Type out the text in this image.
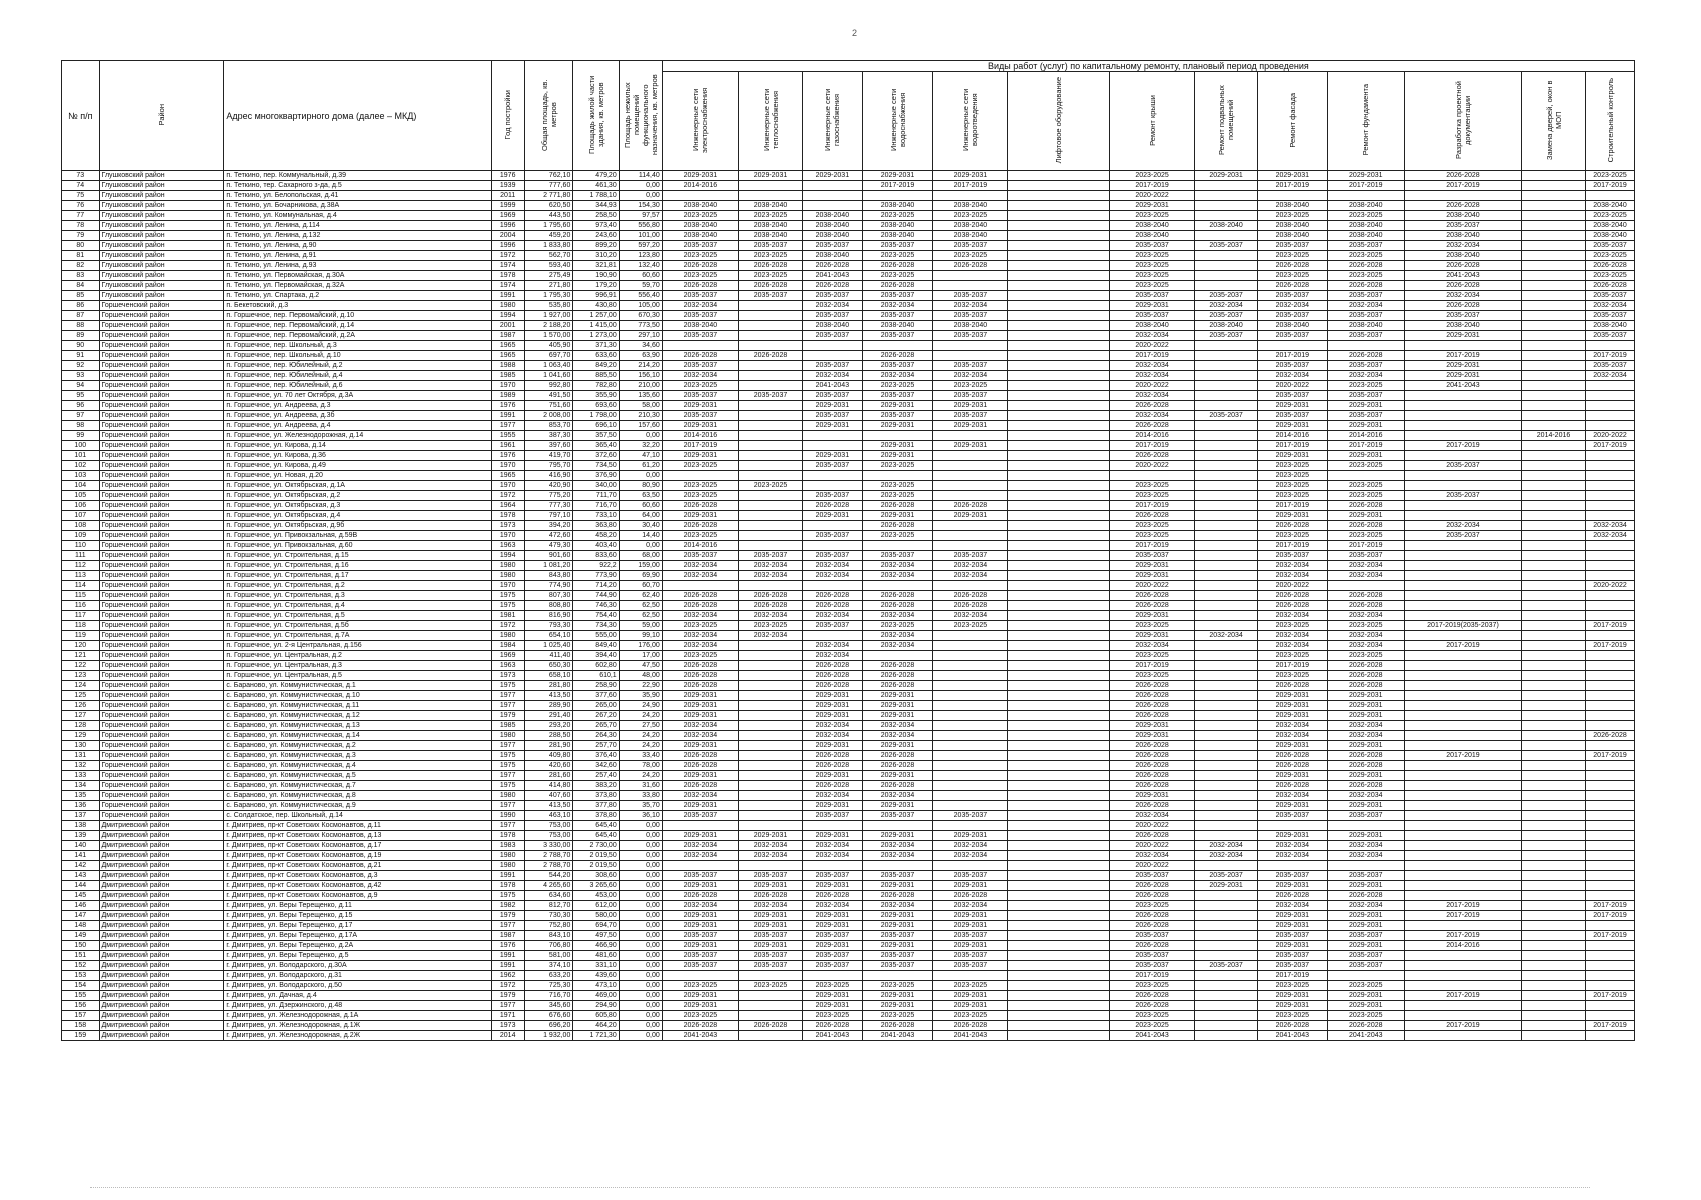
2
№ п/п	Район	Адрес многоквартирного дома (далее – МКД)	Год постройки	Общая площадь, кв. метров	Площадь жилой части здания, кв. метров	Площадь нежилых помещений функционального назначения, кв. метров	Виды работ (услуг) по капитальному ремонту, плановый период проведения												
							Инженерные сети электроснабжения	Инженерные сети теплоснабжения	Инженерные сети газоснабжения	Инженерные сети водоснабжения	Инженерные сети водоотведения	Лифтовое оборудование	Ремонт крыши	Ремонт подвальных помещений	Ремонт фасада	Ремонт фундамента	Разработка проектной документации	Замена дверей, окон в МОП	Строительный контроль
73	Глушковский район	п. Теткино, пер. Коммунальный, д.39	1976	762,10	479,20	114,40	2029-2031	2029-2031	2029-2031	2029-2031	2029-2031		2023-2025	2029-2031	2029-2031	2029-2031	2026-2028		2023-2025
74	Глушковский район	п. Теткино, тер. Сахарного з-да, д.5	1939	777,60	461,30	0,00	2014-2016			2017-2019	2017-2019		2017-2019		2017-2019	2017-2019	2017-2019		2017-2019
75	Глушковский район	п. Теткино, ул. Белопольская, д.41	2011	2 771,80	1 788,10	0,00							2020-2022						
76	Глушковский район	п. Теткино, ул. Бочарникова, д.38А	1999	620,50	344,93	154,30	2038-2040	2038-2040		2038-2040	2038-2040		2029-2031		2038-2040	2038-2040	2026-2028		2038-2040
77	Глушковский район	п. Теткино, ул. Коммунальная, д.4	1969	443,50	258,50	97,57	2023-2025	2023-2025	2038-2040	2023-2025	2023-2025		2023-2025		2023-2025	2023-2025	2038-2040		2023-2025
78	Глушковский район	п. Теткино, ул. Ленина, д.114	1996	1 795,60	973,40	556,80	2038-2040	2038-2040	2038-2040	2038-2040	2038-2040		2038-2040	2038-2040	2038-2040	2038-2040	2035-2037		2038-2040
79	Глушковский район	п. Теткино, ул. Ленина, д.132	2004	459,20	243,60	101,00	2038-2040	2038-2040	2038-2040	2038-2040	2038-2040		2038-2040		2038-2040	2038-2040	2038-2040		2038-2040
80	Глушковский район	п. Теткино, ул. Ленина, д.90	1996	1 833,80	899,20	597,20	2035-2037	2035-2037	2035-2037	2035-2037	2035-2037		2035-2037	2035-2037	2035-2037	2035-2037	2032-2034		2035-2037
81	Глушковский район	п. Теткино, ул. Ленина, д.91	1972	562,70	310,20	123,80	2023-2025	2023-2025	2038-2040	2023-2025	2023-2025		2023-2025		2023-2025	2023-2025	2038-2040		2023-2025
82	Глушковский район	п. Теткино, ул. Ленина, д.93	1974	593,40	321,81	132,40	2026-2028	2026-2028	2026-2028	2026-2028	2026-2028		2023-2025		2026-2028	2026-2028	2026-2028		2026-2028
83	Глушковский район	п. Теткино, ул. Первомайская, д.30А	1978	275,49	190,90	60,60	2023-2025	2023-2025	2041-2043	2023-2025			2023-2025		2023-2025	2023-2025	2041-2043		2023-2025
84	Глушковский район	п. Теткино, ул. Первомайская, д.32А	1974	271,80	179,20	59,70	2026-2028	2026-2028	2026-2028	2026-2028			2023-2025		2026-2028	2026-2028	2026-2028		2026-2028
85	Глушковский район	п. Теткино, ул. Спартака, д.2	1991	1 795,30	996,91	556,40	2035-2037	2035-2037	2035-2037	2035-2037	2035-2037		2035-2037	2035-2037	2035-2037	2035-2037	2032-2034		2035-2037
86	Горшеченский район	п. Бекетовский, д.3	1980	535,80	430,80	105,00	2032-2034		2032-2034	2032-2034	2032-2034		2029-2031	2032-2034	2032-2034	2032-2034	2026-2028		2032-2034
87	Горшеченский район	п. Горшечное, пер. Первомайский, д.10	1994	1 927,00	1 257,00	670,30	2035-2037		2035-2037	2035-2037	2035-2037		2035-2037	2035-2037	2035-2037	2035-2037	2035-2037		2035-2037
88	Горшеченский район	п. Горшечное, пер. Первомайский, д.14	2001	2 188,20	1 415,00	773,50	2038-2040		2038-2040	2038-2040	2038-2040		2038-2040	2038-2040	2038-2040	2038-2040	2038-2040		2038-2040
89	Горшеченский район	п. Горшечное, пер. Первомайский, д.2А	1987	1 570,00	1 273,00	297,10	2035-2037		2035-2037	2035-2037	2035-2037		2032-2034	2035-2037	2035-2037	2035-2037	2029-2031		2035-2037
90	Горшеченский район	п. Горшечное, пер. Школьный, д.3	1965	405,90	371,30	34,60							2020-2022						
91	Горшеченский район	п. Горшечное, пер. Школьный, д.10	1965	697,70	633,60	63,90	2026-2028	2026-2028		2026-2028			2017-2019		2017-2019	2026-2028	2017-2019		2017-2019
92	Горшеченский район	п. Горшечное, пер. Юбилейный, д.2	1988	1 063,40	849,20	214,20	2035-2037		2035-2037	2035-2037	2035-2037		2032-2034		2035-2037	2035-2037	2029-2031		2035-2037
93	Горшеченский район	п. Горшечное, пер. Юбилейный, д.4	1985	1 041,60	885,50	156,10	2032-2034		2032-2034	2032-2034	2032-2034		2032-2034		2032-2034	2032-2034	2029-2031		2032-2034
94	Горшеченский район	п. Горшечное, пер. Юбилейный, д.6	1970	992,80	782,80	210,00	2023-2025		2041-2043	2023-2025	2023-2025		2020-2022		2020-2022	2023-2025	2041-2043		
95	Горшеченский район	п. Горшечное, ул. 70 лет Октября, д.3А	1989	491,50	355,90	135,60	2035-2037	2035-2037	2035-2037	2035-2037	2035-2037		2032-2034		2035-2037	2035-2037			
96	Горшеченский район	п. Горшечное, ул. Андреева, д.3	1976	751,60	693,60	58,00	2029-2031		2029-2031	2029-2031	2029-2031		2026-2028		2029-2031	2029-2031			
97	Горшеченский район	п. Горшечное, ул. Андреева, д.3б	1991	2 008,00	1 798,00	210,30	2035-2037		2035-2037	2035-2037	2035-2037		2032-2034	2035-2037	2035-2037	2035-2037			
98	Горшеченский район	п. Горшечное, ул. Андреева, д.4	1977	853,70	696,10	157,60	2029-2031		2029-2031	2029-2031	2029-2031		2026-2028		2029-2031	2029-2031			
99	Горшеченский район	п. Горшечное, ул. Железнодорожная, д.14	1955	387,30	357,50	0,00	2014-2016						2014-2016		2014-2016	2014-2016		2014-2016	2020-2022
100	Горшеченский район	п. Горшечное, ул. Кирова, д.14	1961	397,60	365,40	32,20	2017-2019			2029-2031	2029-2031		2017-2019		2017-2019	2017-2019	2017-2019		2017-2019
101	Горшеченский район	п. Горшечное, ул. Кирова, д.36	1976	419,70	372,60	47,10	2029-2031		2029-2031	2029-2031			2026-2028		2029-2031	2029-2031			
102	Горшеченский район	п. Горшечное, ул. Кирова, д.49	1970	795,70	734,50	61,20	2023-2025		2035-2037	2023-2025			2020-2022		2023-2025	2023-2025	2035-2037		
103	Горшеченский район	п. Горшечное, ул. Новая, д.20	1965	416,90	376,90	0,00									2023-2025				
104	Горшеченский район	п. Горшечное, ул. Октябрьская, д.1А	1970	420,90	340,00	80,90	2023-2025	2023-2025		2023-2025			2023-2025		2023-2025	2023-2025			
105	Горшеченский район	п. Горшечное, ул. Октябрьская, д.2	1972	775,20	711,70	63,50	2023-2025		2035-2037	2023-2025			2023-2025		2023-2025	2023-2025	2035-2037		
106	Горшеченский район	п. Горшечное, ул. Октябрьская, д.3	1964	777,30	716,70	60,60	2026-2028		2026-2028	2026-2028	2026-2028		2017-2019		2017-2019	2026-2028			
107	Горшеченский район	п. Горшечное, ул. Октябрьская, д.4	1978	797,10	733,10	64,00	2029-2031		2029-2031	2029-2031	2029-2031		2026-2028		2029-2031	2029-2031			
108	Горшеченский район	п. Горшечное, ул. Октябрьская, д.9б	1973	394,20	363,80	30,40	2026-2028			2026-2028			2023-2025		2026-2028	2026-2028	2032-2034		2032-2034
109	Горшеченский район	п. Горшечное, ул. Привокзальная, д.59В	1970	472,60	458,20	14,40	2023-2025		2035-2037	2023-2025			2023-2025		2023-2025	2023-2025	2035-2037		2032-2034
110	Горшеченский район	п. Горшечное, ул. Привокзальная, д.60	1963	479,30	403,40	0,00	2014-2016						2017-2019		2017-2019	2017-2019			
111	Горшеченский район	п. Горшечное, ул. Строительная, д.15	1994	901,60	833,60	68,00	2035-2037	2035-2037	2035-2037	2035-2037	2035-2037		2035-2037		2035-2037	2035-2037			
112	Горшеченский район	п. Горшечное, ул. Строительная, д.16	1980	1 081,20	922,2	159,00	2032-2034	2032-2034	2032-2034	2032-2034	2032-2034		2029-2031		2032-2034	2032-2034			
113	Горшеченский район	п. Горшечное, ул. Строительная, д.17	1980	843,80	773,90	69,90	2032-2034	2032-2034	2032-2034	2032-2034	2032-2034		2029-2031		2032-2034	2032-2034			
114	Горшеченский район	п. Горшечное, ул. Строительная, д.2	1970	774,90	714,20	60,70							2020-2022		2020-2022				2020-2022
115	Горшеченский район	п. Горшечное, ул. Строительная, д.3	1975	807,30	744,90	62,40	2026-2028	2026-2028	2026-2028	2026-2028	2026-2028		2026-2028		2026-2028	2026-2028			
116	Горшеченский район	п. Горшечное, ул. Строительная, д.4	1975	808,80	746,30	62,50	2026-2028	2026-2028	2026-2028	2026-2028	2026-2028		2026-2028		2026-2028	2026-2028			
117	Горшеченский район	п. Горшечное, ул. Строительная, д.5	1981	816,90	754,40	62,50	2032-2034	2032-2034	2032-2034	2032-2034	2032-2034		2029-2031		2032-2034	2032-2034			
118	Горшеченский район	п. Горшечное, ул. Строительная, д.5б	1972	793,30	734,30	59,00	2023-2025	2023-2025	2035-2037	2023-2025	2023-2025		2023-2025		2023-2025	2023-2025	2017-2019(2035-2037)		2017-2019
119	Горшеченский район	п. Горшечное, ул. Строительная, д.7А	1980	654,10	555,00	99,10	2032-2034	2032-2034		2032-2034			2029-2031	2032-2034	2032-2034	2032-2034			
120	Горшеченский район	п. Горшечное, ул. 2-я Центральная, д.156	1984	1 025,40	849,40	176,00	2032-2034		2032-2034	2032-2034			2032-2034		2032-2034	2032-2034	2017-2019		2017-2019
121	Горшеченский район	п. Горшечное, ул. Центральная, д.2	1969	411,40	394,40	17,00	2023-2025		2032-2034				2023-2025		2023-2025	2023-2025			
122	Горшеченский район	п. Горшечное, ул. Центральная, д.3	1963	650,30	602,80	47,50	2026-2028		2026-2028	2026-2028			2017-2019		2017-2019	2026-2028			
123	Горшеченский район	п. Горшечное, ул. Центральная, д.5	1973	658,10	610,1	48,00	2026-2028		2026-2028	2026-2028			2023-2025		2023-2025	2026-2028			
124	Горшеченский район	с. Бараново, ул. Коммунистическая, д.1	1975	281,80	258,90	22,90	2026-2028		2026-2028	2026-2028			2026-2028		2026-2028	2026-2028			
125	Горшеченский район	с. Бараново, ул. Коммунистическая, д.10	1977	413,50	377,60	35,90	2029-2031		2029-2031	2029-2031			2026-2028		2029-2031	2029-2031			
126	Горшеченский район	с. Бараново, ул. Коммунистическая, д.11	1977	289,90	265,00	24,90	2029-2031		2029-2031	2029-2031			2026-2028		2029-2031	2029-2031			
127	Горшеченский район	с. Бараново, ул. Коммунистическая, д.12	1979	291,40	267,20	24,20	2029-2031		2029-2031	2029-2031			2026-2028		2029-2031	2029-2031			
128	Горшеченский район	с. Бараново, ул. Коммунистическая, д.13	1985	293,20	265,70	27,50	2032-2034		2032-2034	2032-2034			2029-2031		2032-2034	2032-2034			
129	Горшеченский район	с. Бараново, ул. Коммунистическая, д.14	1980	288,50	264,30	24,20	2032-2034		2032-2034	2032-2034			2029-2031		2032-2034	2032-2034			2026-2028
130	Горшеченский район	с. Бараново, ул. Коммунистическая, д.2	1977	281,90	257,70	24,20	2029-2031		2029-2031	2029-2031			2026-2028		2029-2031	2029-2031			
131	Горшеченский район	с. Бараново, ул. Коммунистическая, д.3	1975	409,80	376,40	33,40	2026-2028		2026-2028	2026-2028			2026-2028		2026-2028	2026-2028	2017-2019		2017-2019
132	Горшеченский район	с. Бараново, ул. Коммунистическая, д.4	1975	420,60	342,60	78,00	2026-2028		2026-2028	2026-2028			2026-2028		2026-2028	2026-2028			
133	Горшеченский район	с. Бараново, ул. Коммунистическая, д.5	1977	281,60	257,40	24,20	2029-2031		2029-2031	2029-2031			2026-2028		2029-2031	2029-2031			
134	Горшеченский район	с. Бараново, ул. Коммунистическая, д.7	1975	414,80	383,20	31,60	2026-2028		2026-2028	2026-2028			2026-2028		2026-2028	2026-2028			
135	Горшеченский район	с. Бараново, ул. Коммунистическая, д.8	1980	407,60	373,80	33,80	2032-2034		2032-2034	2032-2034			2029-2031		2032-2034	2032-2034			
136	Горшеченский район	с. Бараново, ул. Коммунистическая, д.9	1977	413,50	377,80	35,70	2029-2031		2029-2031	2029-2031			2026-2028		2029-2031	2029-2031			
137	Горшеченский район	с. Солдатское, пер. Школьный, д.14	1990	463,10	378,80	36,10	2035-2037		2035-2037	2035-2037	2035-2037		2032-2034		2035-2037	2035-2037			
138	Дмитриевский район	г. Дмитриев, пр-кт Советских Космонавтов, д.11	1977	753,00	645,40	0,00							2020-2022						
139	Дмитриевский район	г. Дмитриев, пр-кт Советских Космонавтов, д.13	1978	753,00	645,40	0,00	2029-2031	2029-2031	2029-2031	2029-2031	2029-2031		2026-2028		2029-2031	2029-2031			
140	Дмитриевский район	г. Дмитриев, пр-кт Советских Космонавтов, д.17	1983	3 330,00	2 730,00	0,00	2032-2034	2032-2034	2032-2034	2032-2034	2032-2034		2020-2022	2032-2034	2032-2034	2032-2034			
141	Дмитриевский район	г. Дмитриев, пр-кт Советских Космонавтов, д.19	1980	2 788,70	2 019,50	0,00	2032-2034	2032-2034	2032-2034	2032-2034	2032-2034		2032-2034	2032-2034	2032-2034	2032-2034			
142	Дмитриевский район	г. Дмитриев, пр-кт Советских Космонавтов, д.21	1980	2 788,70	2 019,50	0,00							2020-2022						
143	Дмитриевский район	г. Дмитриев, пр-кт Советских Космонавтов, д.3	1991	544,20	308,60	0,00	2035-2037	2035-2037	2035-2037	2035-2037	2035-2037		2035-2037	2035-2037	2035-2037	2035-2037			
144	Дмитриевский район	г. Дмитриев, пр-кт Советских Космонавтов, д.42	1978	4 265,60	3 265,60	0,00	2029-2031	2029-2031	2029-2031	2029-2031	2029-2031		2026-2028	2029-2031	2029-2031	2029-2031			
145	Дмитриевский район	г. Дмитриев, пр-кт Советских Космонавтов, д.9	1975	634,60	453,00	0,00	2026-2028	2026-2028	2026-2028	2026-2028	2026-2028		2026-2028		2026-2028	2026-2028			
146	Дмитриевский район	г. Дмитриев, ул. Веры Терещенко, д.11	1982	812,70	612,00	0,00	2032-2034	2032-2034	2032-2034	2032-2034	2032-2034		2023-2025		2032-2034	2032-2034	2017-2019		2017-2019
147	Дмитриевский район	г. Дмитриев, ул. Веры Терещенко, д.15	1979	730,30	580,00	0,00	2029-2031	2029-2031	2029-2031	2029-2031	2029-2031		2026-2028		2029-2031	2029-2031	2017-2019		2017-2019
148	Дмитриевский район	г. Дмитриев, ул. Веры Терещенко, д.17	1977	752,80	694,70	0,00	2029-2031	2029-2031	2029-2031	2029-2031	2029-2031		2026-2028		2029-2031	2029-2031			
149	Дмитриевский район	г. Дмитриев, ул. Веры Терещенко, д.17А	1987	843,10	497,50	0,00	2035-2037	2035-2037	2035-2037	2035-2037	2035-2037		2035-2037		2035-2037	2035-2037	2017-2019		2017-2019
150	Дмитриевский район	г. Дмитриев, ул. Веры Терещенко, д.2А	1976	706,80	466,90	0,00	2029-2031	2029-2031	2029-2031	2029-2031	2029-2031		2026-2028		2029-2031	2029-2031	2014-2016		
151	Дмитриевский район	г. Дмитриев, ул. Веры Терещенко, д.5	1991	581,00	481,60	0,00	2035-2037	2035-2037	2035-2037	2035-2037	2035-2037		2035-2037		2035-2037	2035-2037			
152	Дмитриевский район	г. Дмитриев, ул. Володарского, д.30А	1991	374,10	331,10	0,00	2035-2037	2035-2037	2035-2037	2035-2037	2035-2037		2035-2037	2035-2037	2035-2037	2035-2037			
153	Дмитриевский район	г. Дмитриев, ул. Володарского, д.31	1962	633,20	439,60	0,00							2017-2019		2017-2019				
154	Дмитриевский район	г. Дмитриев, ул. Володарского, д.50	1972	725,30	473,10	0,00	2023-2025	2023-2025	2023-2025	2023-2025	2023-2025		2023-2025		2023-2025	2023-2025			
155	Дмитриевский район	г. Дмитриев, ул. Дачная, д.4	1979	716,70	469,00	0,00	2029-2031		2029-2031	2029-2031	2029-2031		2026-2028		2029-2031	2029-2031	2017-2019		2017-2019
156	Дмитриевский район	г. Дмитриев, ул. Дзержинского, д.48	1977	345,60	294,90	0,00	2029-2031		2029-2031	2029-2031	2029-2031		2026-2028		2029-2031	2029-2031			
157	Дмитриевский район	г. Дмитриев, ул. Железнодорожная, д.1А	1971	676,60	605,80	0,00	2023-2025		2023-2025	2023-2025	2023-2025		2023-2025		2023-2025	2023-2025			
158	Дмитриевский район	г. Дмитриев, ул. Железнодорожная, д.1Ж	1973	696,20	464,20	0,00	2026-2028	2026-2028	2026-2028	2026-2028	2026-2028		2023-2025		2026-2028	2026-2028	2017-2019		2017-2019
159	Дмитриевский район	г. Дмитриев, ул. Железнодорожная, д.2Ж	2014	1 932,00	1 721,30	0,00	2041-2043		2041-2043	2041-2043	2041-2043		2041-2043		2041-2043	2041-2043			
